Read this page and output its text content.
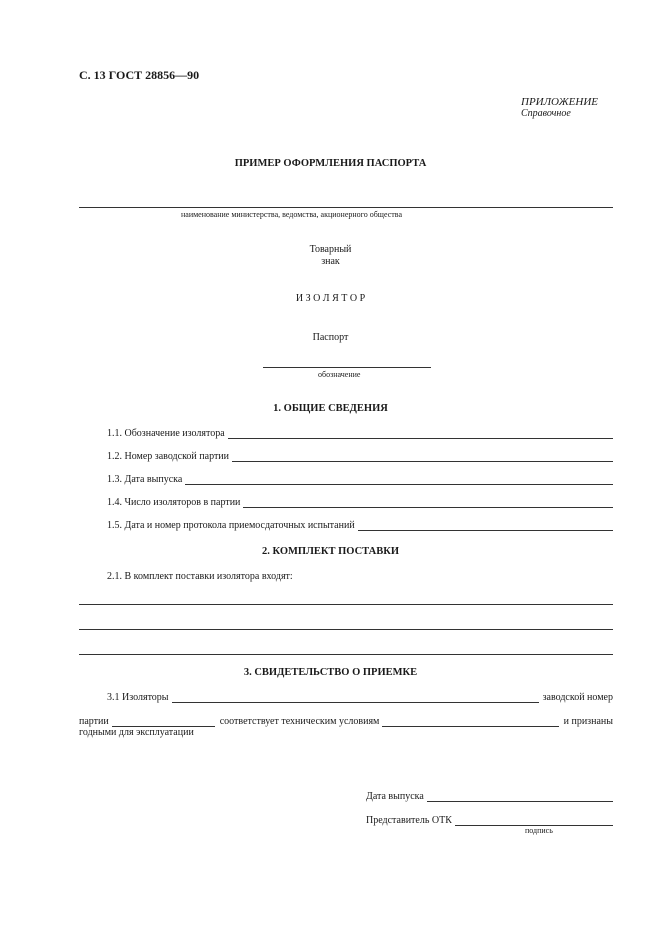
С. 13 ГОСТ 28856—90
ПРИЛОЖЕНИЕ
Справочное
ПРИМЕР ОФОРМЛЕНИЯ ПАСПОРТА
наименование министерства, ведомства, акционерного общества
Товарный
знак
И З О Л Я Т О Р
Паспорт
обозначение
1. ОБЩИЕ СВЕДЕНИЯ
1.1. Обозначение изолятора
1.2. Номер заводской партии
1.3. Дата выпуска
1.4. Число изоляторов в партии
1.5. Дата и номер протокола приемосдаточных испытаний
2. КОМПЛЕКТ ПОСТАВКИ
2.1. В комплект поставки изолятора входят:
3. СВИДЕТЕЛЬСТВО О ПРИЕМКЕ
3.1 Изоляторы	заводской номер
партии	соответствует техническим условиям	и признаны
годными для эксплуатации
Дата выпуска
Представитель ОТК
подпись
